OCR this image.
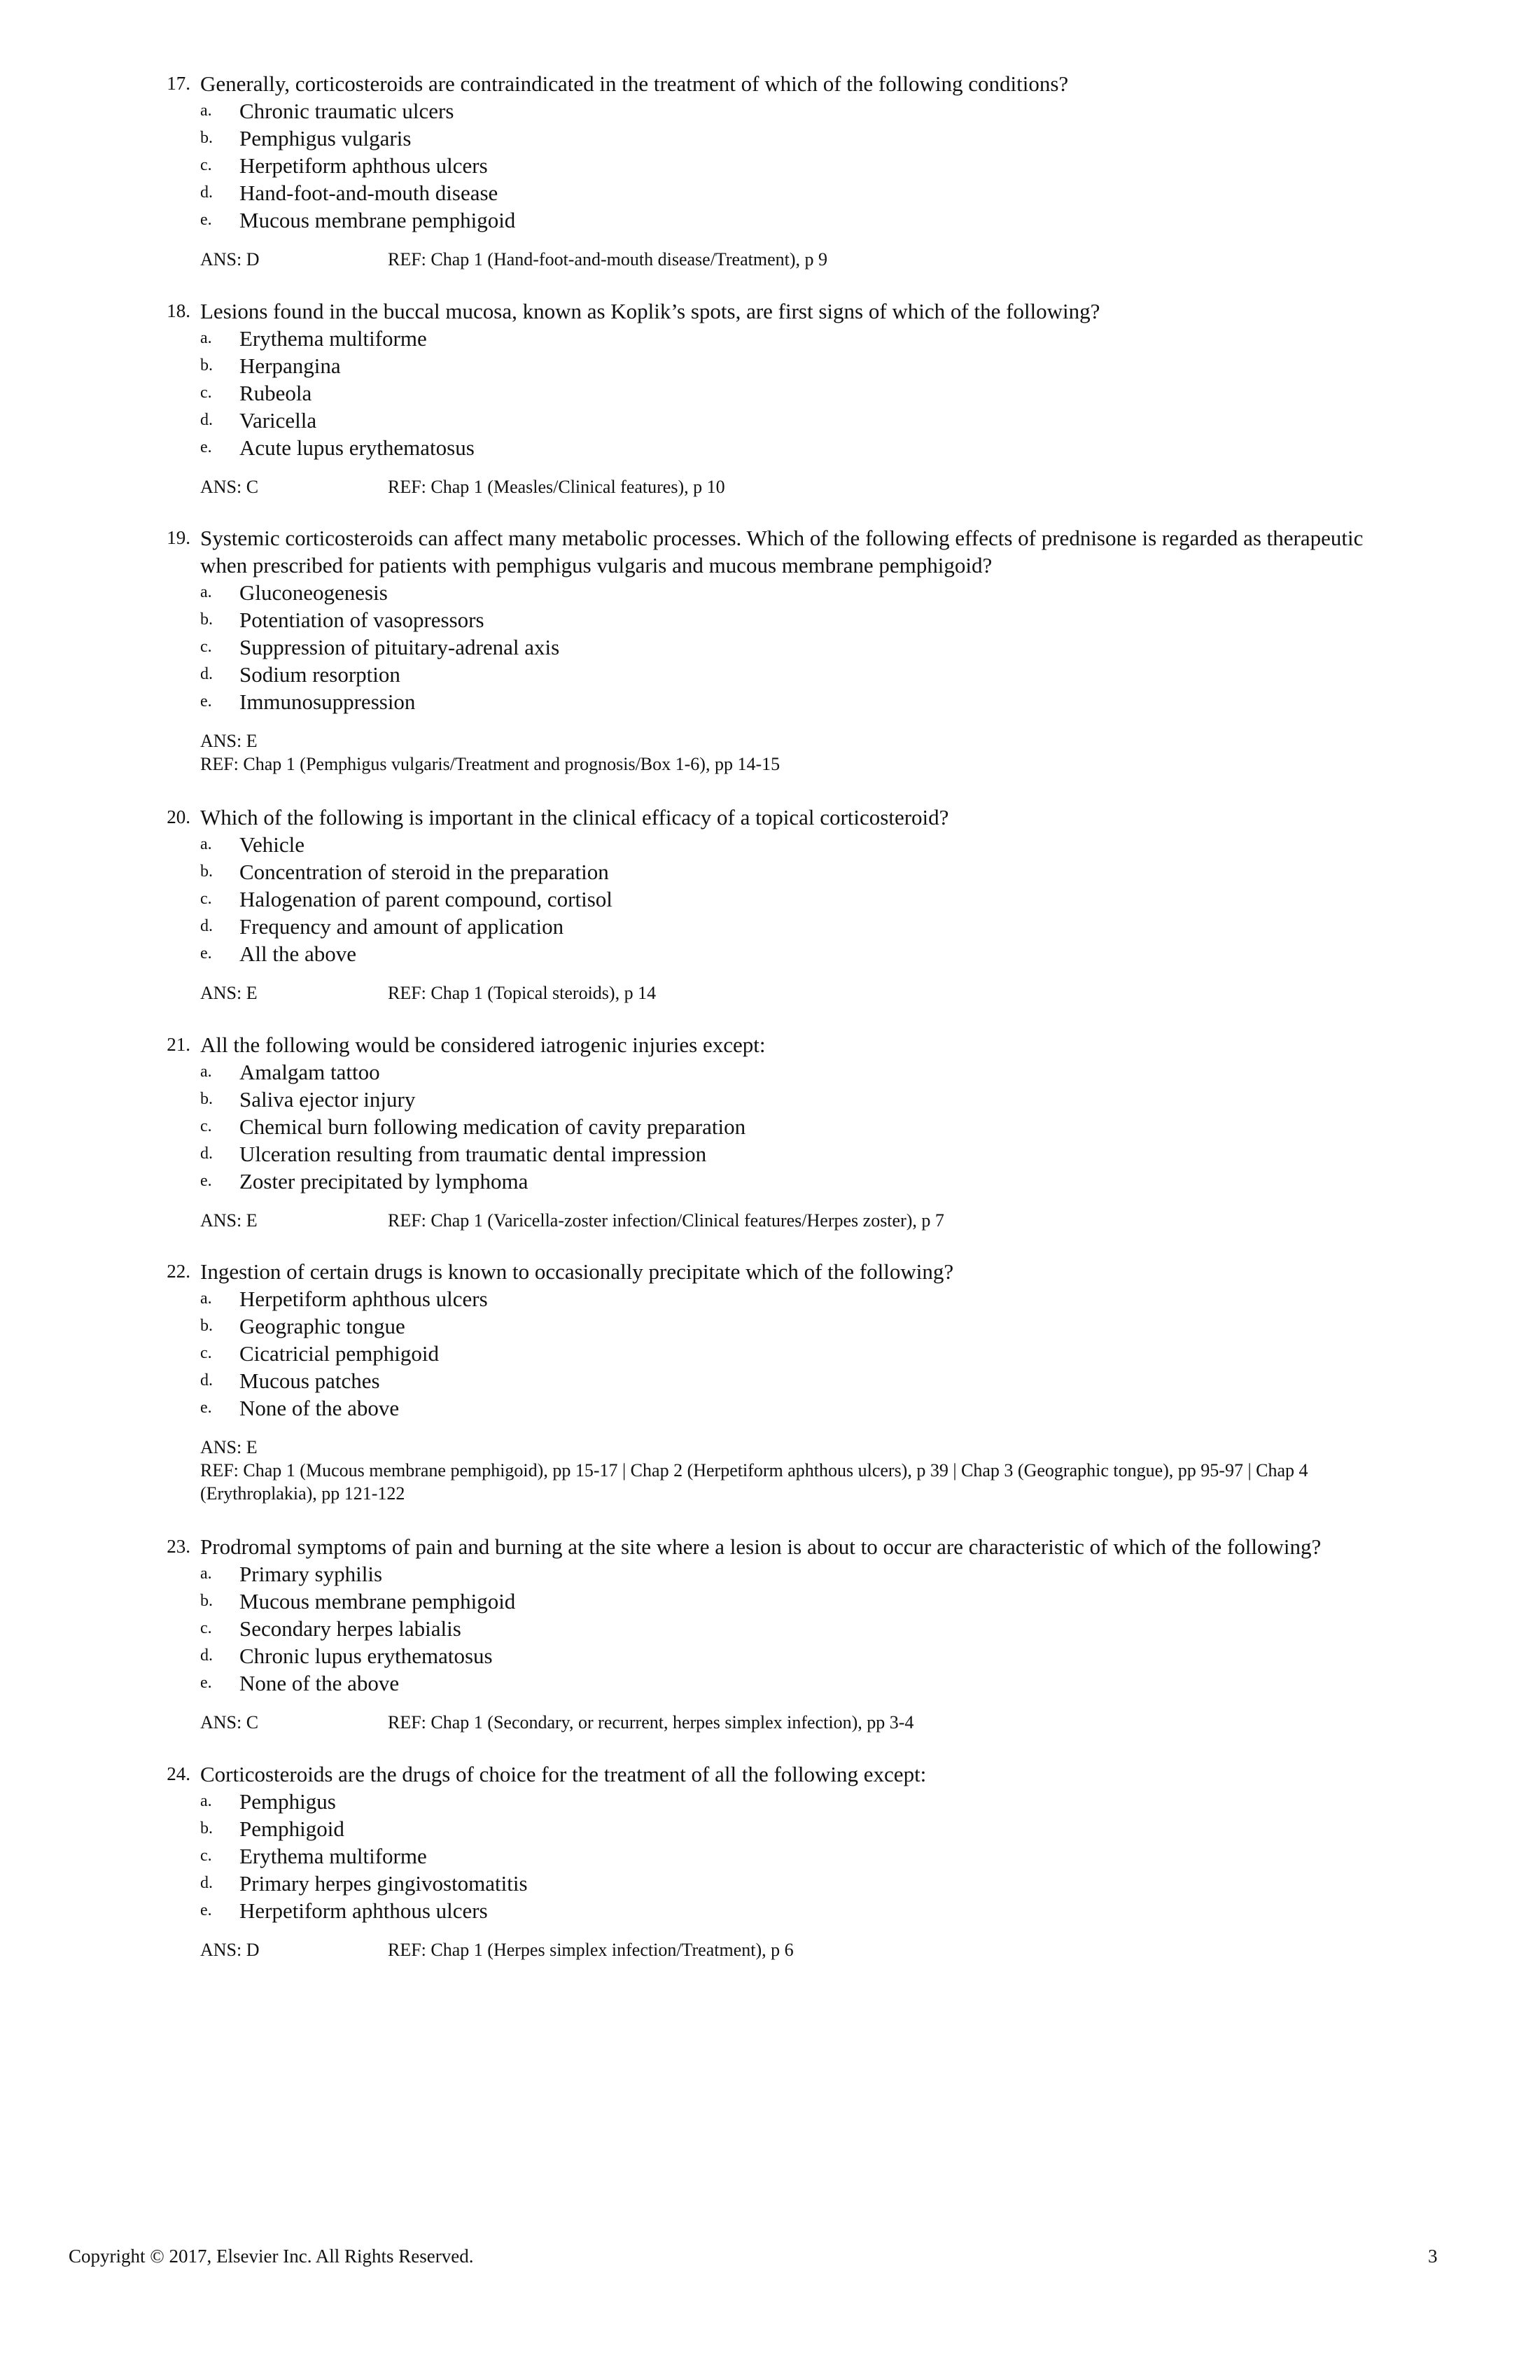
17. Generally, corticosteroids are contraindicated in the treatment of which of the following conditions?
a. Chronic traumatic ulcers
b. Pemphigus vulgaris
c. Herpetiform aphthous ulcers
d. Hand-foot-and-mouth disease
e. Mucous membrane pemphigoid
ANS: D	REF: Chap 1 (Hand-foot-and-mouth disease/Treatment), p 9
18. Lesions found in the buccal mucosa, known as Koplik’s spots, are first signs of which of the following?
a. Erythema multiforme
b. Herpangina
c. Rubeola
d. Varicella
e. Acute lupus erythematosus
ANS: C	REF: Chap 1 (Measles/Clinical features), p 10
19. Systemic corticosteroids can affect many metabolic processes. Which of the following effects of prednisone is regarded as therapeutic when prescribed for patients with pemphigus vulgaris and mucous membrane pemphigoid?
a. Gluconeogenesis
b. Potentiation of vasopressors
c. Suppression of pituitary-adrenal axis
d. Sodium resorption
e. Immunosuppression
ANS: E
REF: Chap 1 (Pemphigus vulgaris/Treatment and prognosis/Box 1-6), pp 14-15
20. Which of the following is important in the clinical efficacy of a topical corticosteroid?
a. Vehicle
b. Concentration of steroid in the preparation
c. Halogenation of parent compound, cortisol
d. Frequency and amount of application
e. All the above
ANS: E	REF: Chap 1 (Topical steroids), p 14
21. All the following would be considered iatrogenic injuries except:
a. Amalgam tattoo
b. Saliva ejector injury
c. Chemical burn following medication of cavity preparation
d. Ulceration resulting from traumatic dental impression
e. Zoster precipitated by lymphoma
ANS: E	REF: Chap 1 (Varicella-zoster infection/Clinical features/Herpes zoster), p 7
22. Ingestion of certain drugs is known to occasionally precipitate which of the following?
a. Herpetiform aphthous ulcers
b. Geographic tongue
c. Cicatricial pemphigoid
d. Mucous patches
e. None of the above
ANS: E
REF: Chap 1 (Mucous membrane pemphigoid), pp 15-17 | Chap 2 (Herpetiform aphthous ulcers), p 39 | Chap 3 (Geographic tongue), pp 95-97 | Chap 4 (Erythroplakia), pp 121-122
23. Prodromal symptoms of pain and burning at the site where a lesion is about to occur are characteristic of which of the following?
a. Primary syphilis
b. Mucous membrane pemphigoid
c. Secondary herpes labialis
d. Chronic lupus erythematosus
e. None of the above
ANS: C	REF: Chap 1 (Secondary, or recurrent, herpes simplex infection), pp 3-4
24. Corticosteroids are the drugs of choice for the treatment of all the following except:
a. Pemphigus
b. Pemphigoid
c. Erythema multiforme
d. Primary herpes gingivostomatitis
e. Herpetiform aphthous ulcers
ANS: D	REF: Chap 1 (Herpes simplex infection/Treatment), p 6
Copyright © 2017, Elsevier Inc. All Rights Reserved.	3
